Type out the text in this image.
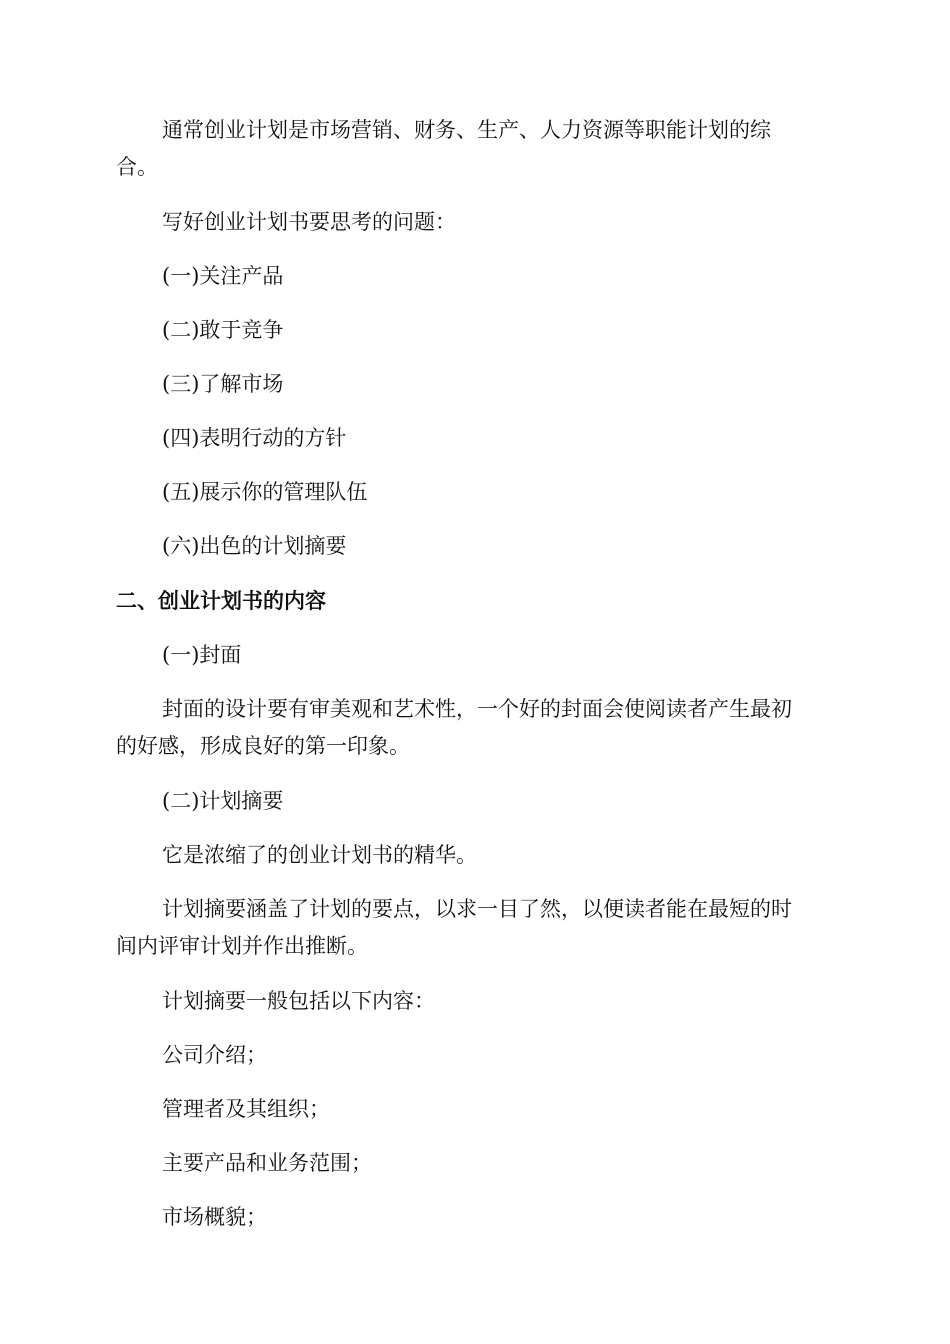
通常创业计划是市场营销、财务、生产、人力资源等职能计划的综

合。

写好创业计划书要思考的问题：

(一)关注产品

(二)敢于竞争

(三)了解市场

(四)表明行动的方针

(五)展示你的管理队伍

(六)出色的计划摘要

二、创业计划书的内容

(一)封面

封面的设计要有审美观和艺术性，一个好的封面会使阅读者产生最初

的好感，形成良好的第一印象。

(二)计划摘要

它是浓缩了的创业计划书的精华。

计划摘要涵盖了计划的要点，以求一目了然，以便读者能在最短的时

间内评审计划并作出推断。

计划摘要一般包括以下内容：

公司介绍；

管理者及其组织；

主要产品和业务范围；

市场概貌；
